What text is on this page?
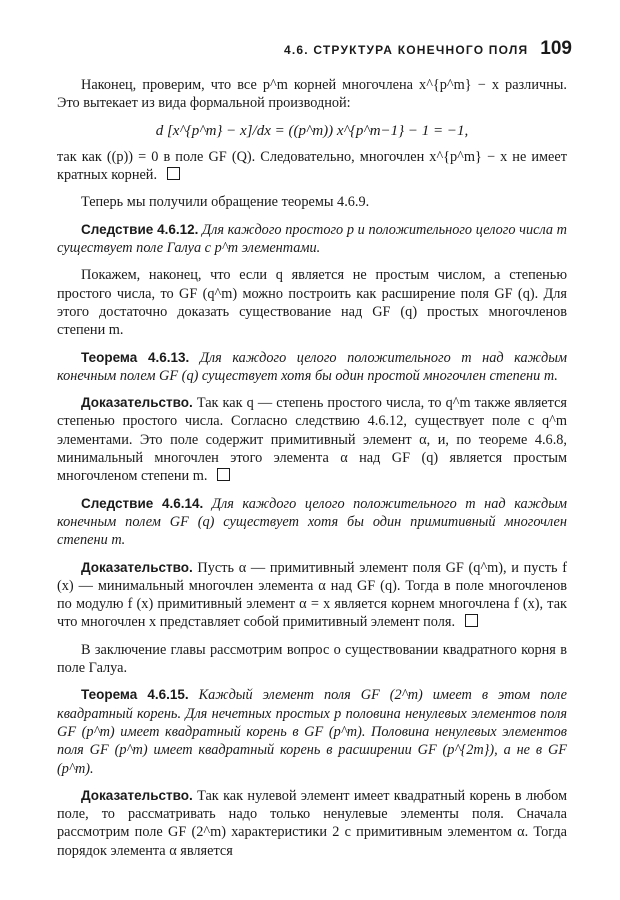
4.6. СТРУКТУРА КОНЕЧНОГО ПОЛЯ 109

Наконец, проверим, что все p^m корней многочлена x^{p^m} − x различны. Это вытекает из вида формальной производной:

d [x^{p^m} − x]/dx = ((p^m)) x^{p^m−1} − 1 = −1,

так как ((p)) = 0 в поле GF (Q). Следовательно, многочлен x^{p^m} − x не имеет кратных корней.

Теперь мы получили обращение теоремы 4.6.9.

Следствие 4.6.12. Для каждого простого p и положительного целого числа m существует поле Галуа с p^m элементами.

Покажем, наконец, что если q является не простым числом, а степенью простого числа, то GF (q^m) можно построить как расширение поля GF (q). Для этого достаточно доказать существование над GF (q) простых многочленов степени m.

Теорема 4.6.13. Для каждого целого положительного m над каждым конечным полем GF (q) существует хотя бы один простой многочлен степени m.

Доказательство. Так как q — степень простого числа, то q^m также является степенью простого числа. Согласно следствию 4.6.12, существует поле с q^m элементами. Это поле содержит примитивный элемент α, и, по теореме 4.6.8, минимальный многочлен этого элемента α над GF (q) является простым многочленом степени m.

Следствие 4.6.14. Для каждого целого положительного m над каждым конечным полем GF (q) существует хотя бы один примитивный многочлен степени m.

Доказательство. Пусть α — примитивный элемент поля GF (q^m), и пусть f (x) — минимальный многочлен элемента α над GF (q). Тогда в поле многочленов по модулю f (x) примитивный элемент α = x является корнем многочлена f (x), так что многочлен x представляет собой примитивный элемент поля.

В заключение главы рассмотрим вопрос о существовании квадратного корня в поле Галуа.

Теорема 4.6.15. Каждый элемент поля GF (2^m) имеет в этом поле квадратный корень. Для нечетных простых p половина ненулевых элементов поля GF (p^m) имеет квадратный корень в GF (p^m). Половина ненулевых элементов поля GF (p^m) имеет квадратный корень в расширении GF (p^{2m}), а не в GF (p^m).

Доказательство. Так как нулевой элемент имеет квадратный корень в любом поле, то рассматривать надо только ненулевые элементы поля. Сначала рассмотрим поле GF (2^m) характеристики 2 с примитивным элементом α. Тогда порядок элемента α является
